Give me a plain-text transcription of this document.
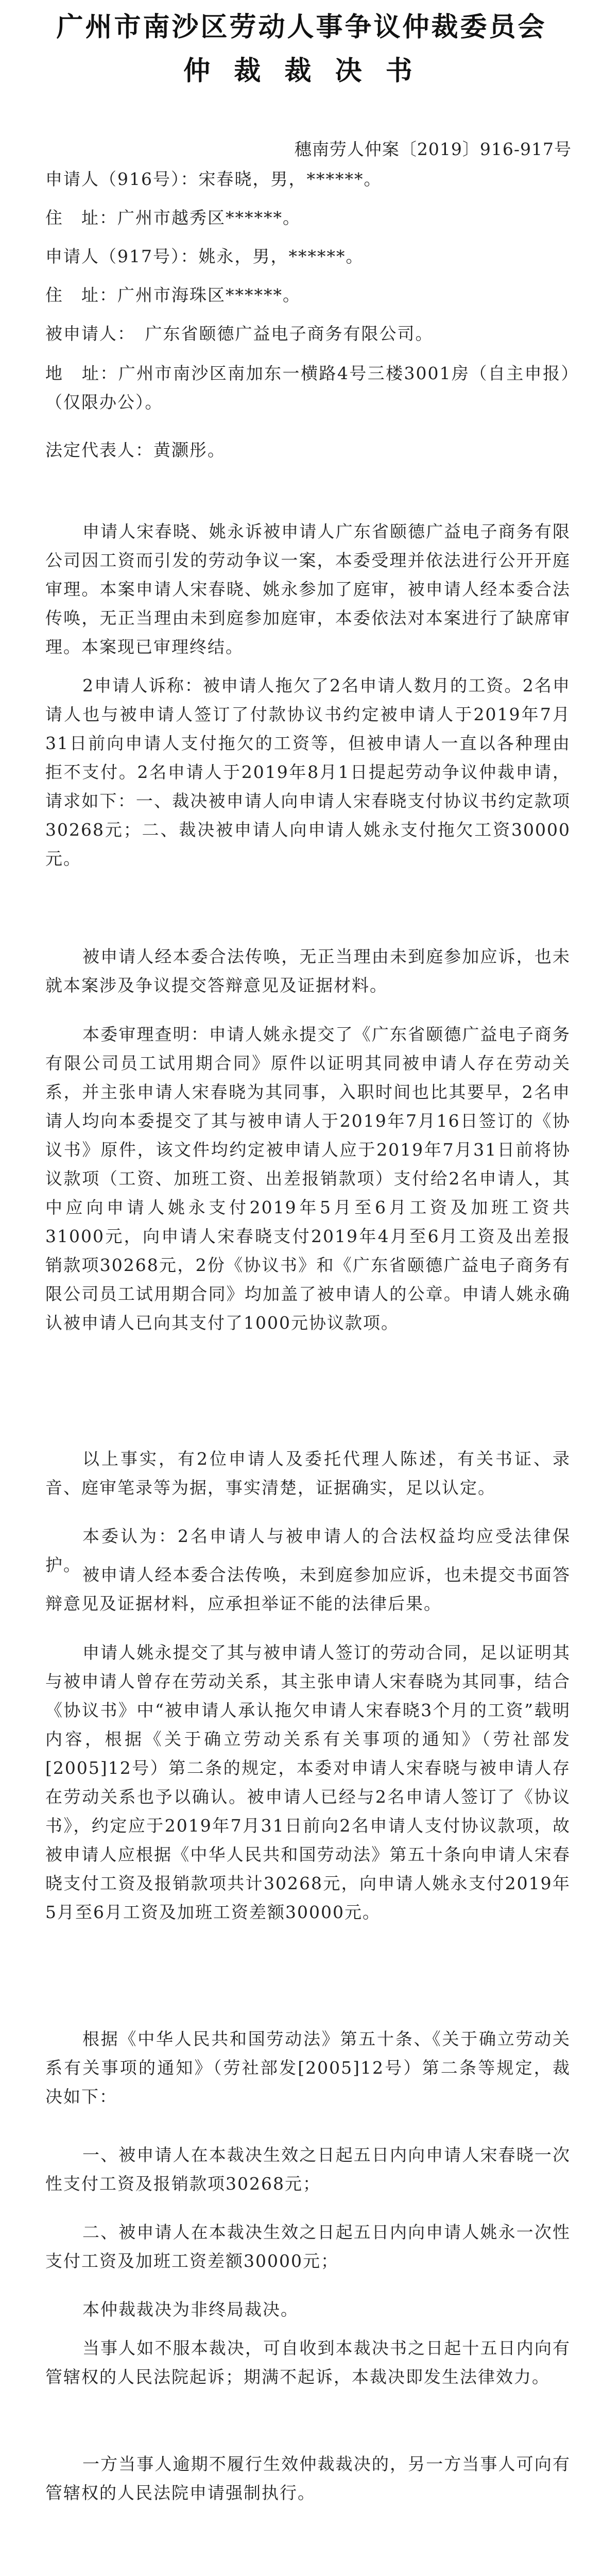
广州市南沙区劳动人事争议仲裁委员会
仲 裁 裁 决 书
穗南劳人仲案〔2019〕916-917号
申请人（916号）：宋春晓，男，******。
住　址：广州市越秀区******。
申请人（917号）：姚永，男，******。
住　址：广州市海珠区******。
被申请人：　广东省颐德广益电子商务有限公司。
地　址：广州市南沙区南加东一横路4号三楼3001房（自主申报）（仅限办公）。
法定代表人：黄灏彤。
申请人宋春晓、姚永诉被申请人广东省颐德广益电子商务有限公司因工资而引发的劳动争议一案，本委受理并依法进行公开开庭审理。本案申请人宋春晓、姚永参加了庭审，被申请人经本委合法传唤，无正当理由未到庭参加庭审，本委依法对本案进行了缺席审理。本案现已审理终结。
2申请人诉称：被申请人拖欠了2名申请人数月的工资。2名申请人也与被申请人签订了付款协议书约定被申请人于2019年7月31日前向申请人支付拖欠的工资等，但被申请人一直以各种理由拒不支付。2名申请人于2019年8月1日提起劳动争议仲裁申请，请求如下：一、裁决被申请人向申请人宋春晓支付协议书约定款项30268元；二、裁决被申请人向申请人姚永支付拖欠工资30000元。
被申请人经本委合法传唤，无正当理由未到庭参加应诉，也未就本案涉及争议提交答辩意见及证据材料。
本委审理查明：申请人姚永提交了《广东省颐德广益电子商务有限公司员工试用期合同》原件以证明其同被申请人存在劳动关系，并主张申请人宋春晓为其同事，入职时间也比其要早，2名申请人均向本委提交了其与被申请人于2019年7月16日签订的《协议书》原件，该文件均约定被申请人应于2019年7月31日前将协议款项（工资、加班工资、出差报销款项）支付给2名申请人，其中应向申请人姚永支付2019年5月至6月工资及加班工资共31000元，向申请人宋春晓支付2019年4月至6月工资及出差报销款项30268元，2份《协议书》和《广东省颐德广益电子商务有限公司员工试用期合同》均加盖了被申请人的公章。申请人姚永确认被申请人已向其支付了1000元协议款项。
以上事实，有2位申请人及委托代理人陈述，有关书证、录音、庭审笔录等为据，事实清楚，证据确实，足以认定。
本委认为：2名申请人与被申请人的合法权益均应受法律保护。 被申请人经本委合法传唤，未到庭参加应诉，也未提交书面答辩意见及证据材料，应承担举证不能的法律后果。
申请人姚永提交了其与被申请人签订的劳动合同，足以证明其与被申请人曾存在劳动关系，其主张申请人宋春晓为其同事，结合《协议书》中“被申请人承认拖欠申请人宋春晓3个月的工资”载明内容，根据《关于确立劳动关系有关事项的通知》（劳社部发[2005]12号）第二条的规定，本委对申请人宋春晓与被申请人存在劳动关系也予以确认。被申请人已经与2名申请人签订了《协议书》，约定应于2019年7月31日前向2名申请人支付协议款项，故被申请人应根据《中华人民共和国劳动法》第五十条向申请人宋春晓支付工资及报销款项共计30268元，向申请人姚永支付2019年5月至6月工资及加班工资差额30000元。
根据《中华人民共和国劳动法》第五十条、《关于确立劳动关系有关事项的通知》（劳社部发[2005]12号）第二条等规定，裁决如下：
一、被申请人在本裁决生效之日起五日内向申请人宋春晓一次性支付工资及报销款项30268元；
二、被申请人在本裁决生效之日起五日内向申请人姚永一次性支付工资及加班工资差额30000元；
本仲裁裁决为非终局裁决。
当事人如不服本裁决，可自收到本裁决书之日起十五日内向有管辖权的人民法院起诉；期满不起诉，本裁决即发生法律效力。
一方当事人逾期不履行生效仲裁裁决的，另一方当事人可向有管辖权的人民法院申请强制执行。
